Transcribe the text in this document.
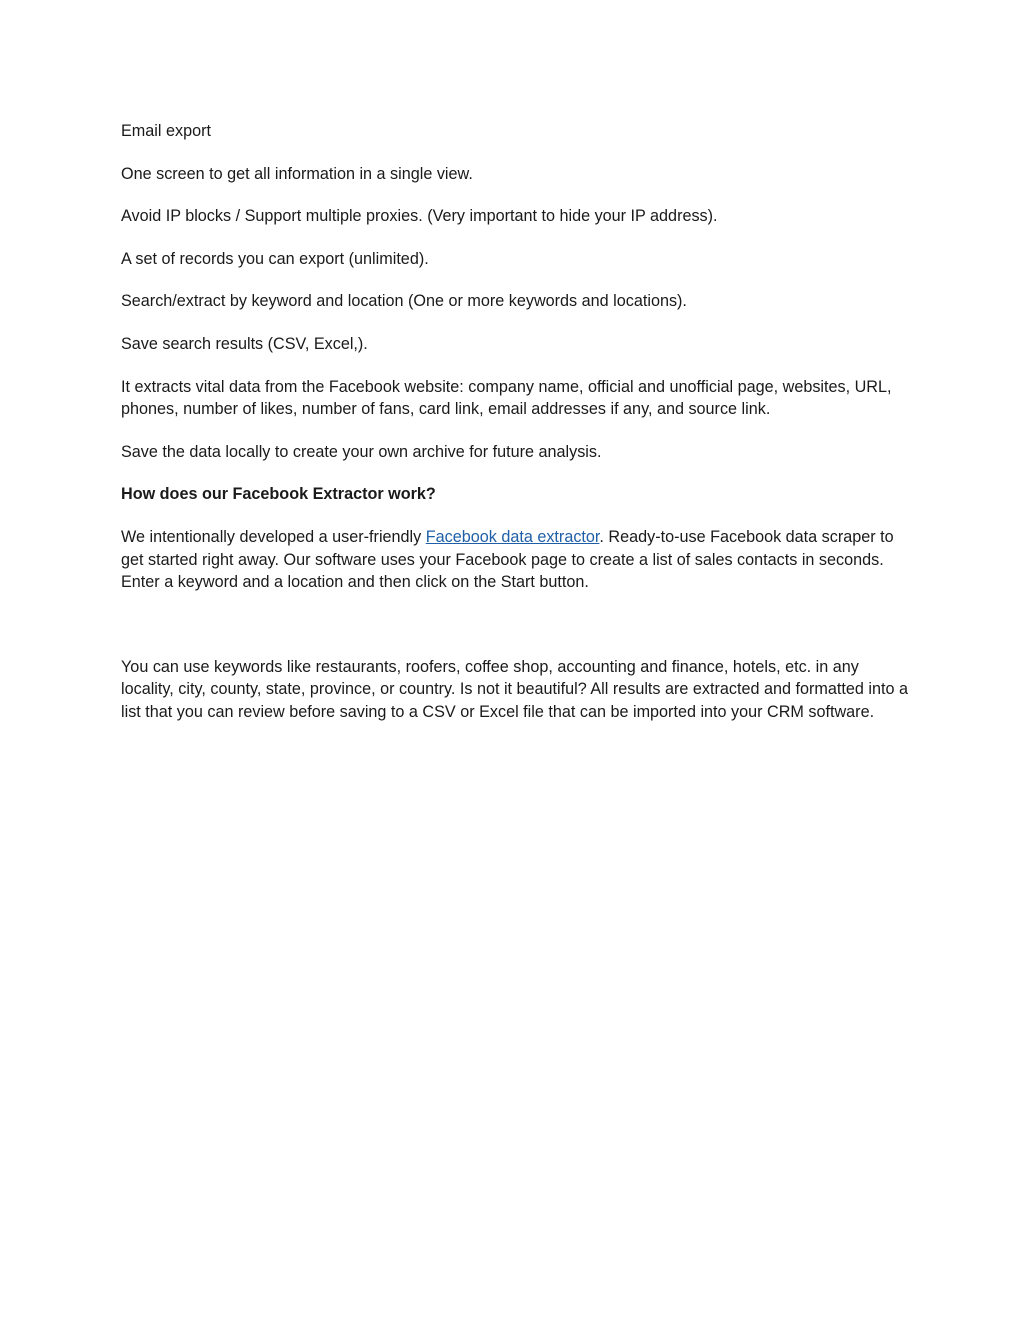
Email export

One screen to get all information in a single view.

Avoid IP blocks / Support multiple proxies. (Very important to hide your IP address).

A set of records you can export (unlimited).

Search/extract by keyword and location (One or more keywords and locations).

Save search results (CSV, Excel,).

It extracts vital data from the Facebook website: company name, official and unofficial page, websites, URL, phones, number of likes, number of fans, card link, email addresses if any, and source link.

Save the data locally to create your own archive for future analysis.

How does our Facebook Extractor work?

We intentionally developed a user-friendly Facebook data extractor. Ready-to-use Facebook data scraper to get started right away. Our software uses your Facebook page to create a list of sales contacts in seconds. Enter a keyword and a location and then click on the Start button.

You can use keywords like restaurants, roofers, coffee shop, accounting and finance, hotels, etc. in any locality, city, county, state, province, or country. Is not it beautiful? All results are extracted and formatted into a list that you can review before saving to a CSV or Excel file that can be imported into your CRM software.
